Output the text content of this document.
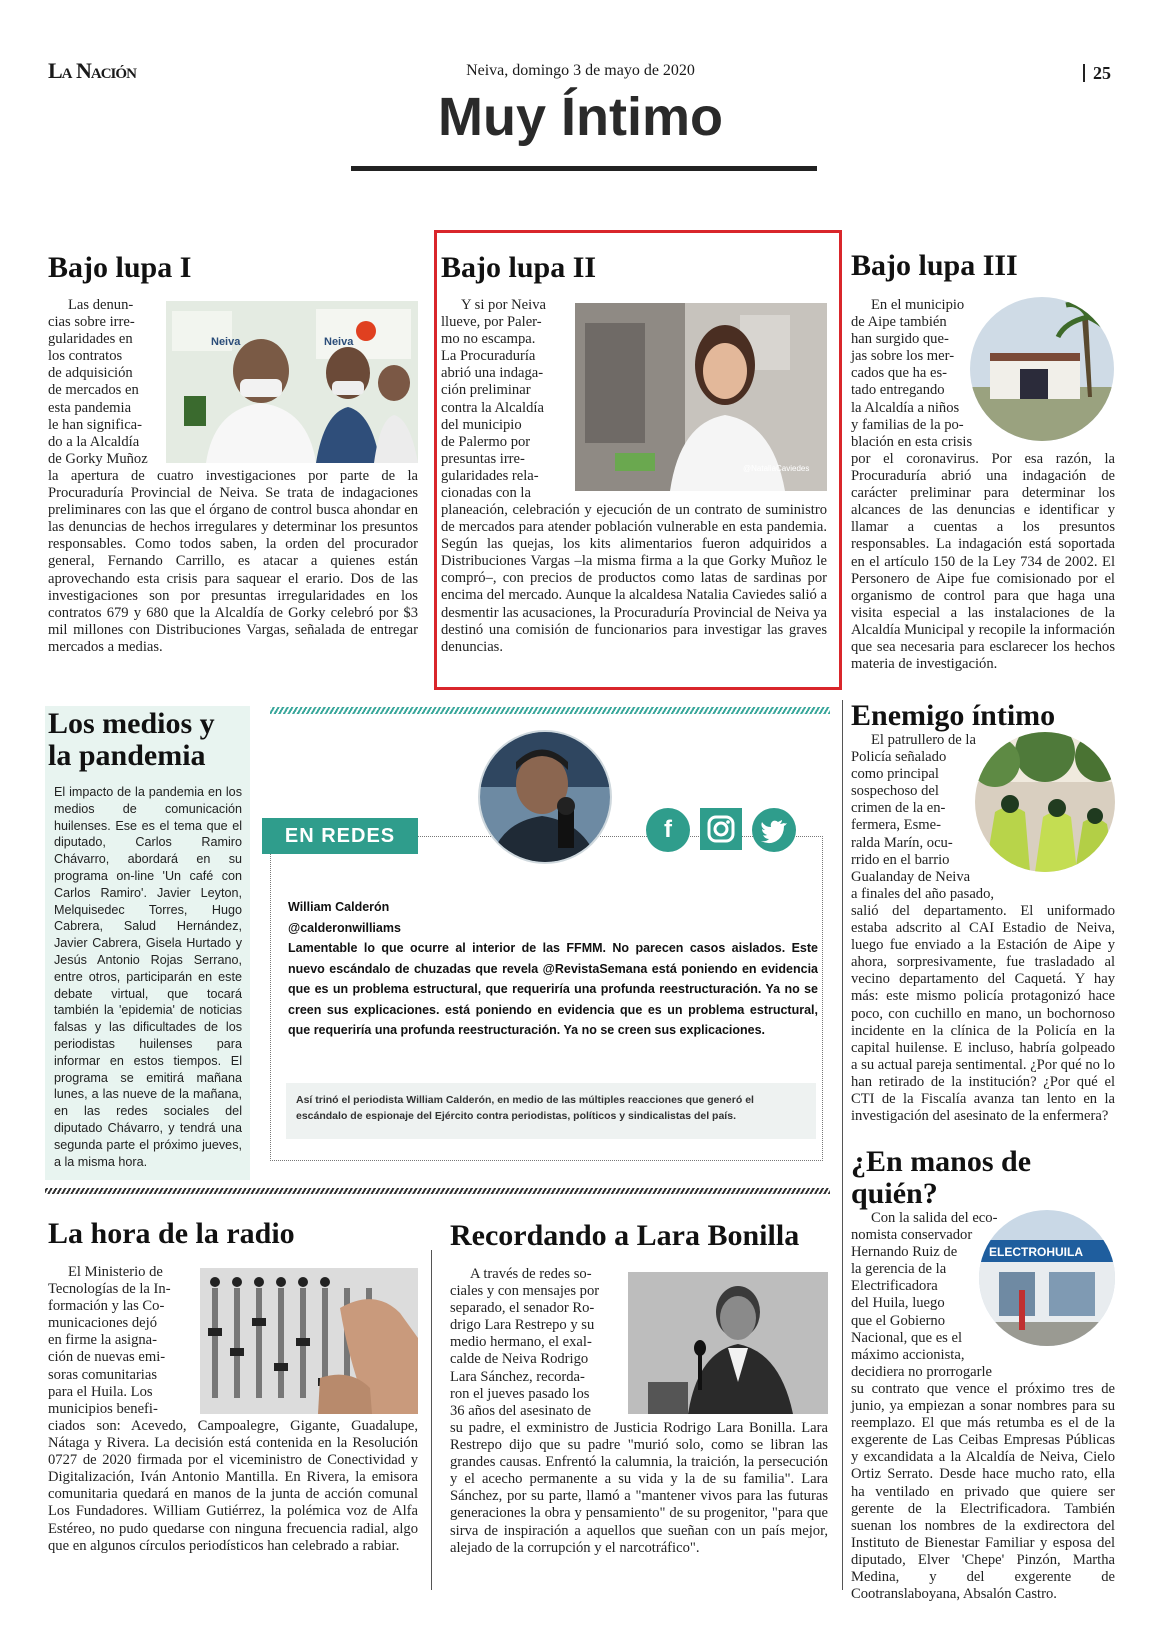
La Nación	Neiva, domingo 3 de mayo de 2020	25
Muy Íntimo
Bajo lupa I
Neiva	Neiva
Las denun-
cias sobre irre-
gularidades en
los contratos
de adquisición
de mercados en
esta pandemia
le han significa-
do a la Alcaldía
de Gorky Muñoz

la apertura de cuatro investigaciones por parte de la Procuraduría Provincial de Neiva. Se trata de indagaciones preliminares con las que el órgano de control busca ahondar en las denuncias de hechos irregulares y determinar los presuntos responsables. Como todos saben, la orden del procurador general, Fernando Carrillo, es atacar a quienes están aprovechando esta crisis para saquear el erario. Dos de las investigaciones son por presuntas irregularidades en los contratos 679 y 680 que la Alcaldía de Gorky celebró por $3 mil millones con Distribuciones Vargas, señalada de entregar mercados a medias.

Bajo lupa II
@NataliaCaviedes
Y si por Neiva
llueve, por Paler-
mo no escampa.
La Procuraduría
abrió una indaga-
ción preliminar
contra la Alcaldía
del municipio
de Palermo por
presuntas irre-
gularidades rela-
cionadas con la

planeación, celebración y ejecución de un contrato de suministro de mercados para atender población vulnerable en esta pandemia. Según las quejas, los kits alimentarios fueron adquiridos a Distribuciones Vargas –la misma firma a la que Gorky Muñoz le compró–, con precios de productos como latas de sardinas por encima del mercado. Aunque la alcaldesa Natalia Caviedes salió a desmentir las acusaciones, la Procuraduría Provincial de Neiva ya destinó una comisión de funcionarios para investigar las graves denuncias.

Bajo lupa III
En el municipio
de Aipe también
han surgido que-
jas sobre los mer-
cados que ha es-
tado entregando
la Alcaldía a niños
y familias de la po-
blación en esta crisis

por el coronavirus. Por esa razón, la Procuraduría abrió una indagación de carácter preliminar para determinar los alcances de las denuncias e identificar y llamar a cuentas a los presuntos responsables. La indagación está soportada en el artículo 150 de la Ley 734 de 2002. El Personero de Aipe fue comisionado por el organismo de control para que haga una visita especial a las instalaciones de la Alcaldía Municipal y recopile la información que sea necesaria para esclarecer los hechos materia de investigación.

Los medios y
la pandemia

El impacto de la pandemia en los medios de comunicación huilenses. Ese es el tema que el diputado, Carlos Ramiro Chávarro, abordará en su programa on-line 'Un café con Carlos Ramiro'. Javier Leyton, Melquisedec Torres, Hugo Cabrera, Salud Hernández, Javier Cabrera, Gisela Hurtado y Jesús Antonio Rojas Serrano, entre otros, participarán en este debate virtual, que tocará también la 'epidemia' de noticias falsas y las dificultades de los periodistas huilenses para informar en estos tiempos. El programa se emitirá mañana lunes, a las nueve de la mañana, en las redes sociales del diputado Chávarro, y tendrá una segunda parte el próximo jueves, a la misma hora.

EN REDES	f

William Calderón

@calderonwilliams

Lamentable lo que ocurre al interior de las FFMM. No parecen casos aislados. Este nuevo escándalo de chuzadas que revela @RevistaSemana está poniendo en evidencia que es un problema estructural, que requeriría una profunda reestructuración. Ya no se creen sus explicaciones. está poniendo en evidencia que es un problema estructural, que requeriría una profunda reestructuración. Ya no se creen sus explicaciones.

Así trinó el periodista William Calderón, en medio de las múltiples reacciones que generó el escándalo de espionaje del Ejército contra periodistas, políticos y sindicalistas del país.

Enemigo íntimo
El patrullero de la
Policía señalado
como principal
sospechoso del
crimen de la en-
fermera, Esme-
ralda Marín, ocu-
rrido en el barrio
Gualanday de Neiva
a finales del año pasado,

salió del departamento. El uniformado estaba adscrito al CAI Estadio de Neiva, luego fue enviado a la Estación de Aipe y ahora, sorpresivamente, fue trasladado al vecino departamento del Caquetá. Y hay más: este mismo policía protagonizó hace poco, con cuchillo en mano, un bochornoso incidente en la clínica de la Policía en la capital huilense. E incluso, habría golpeado a su actual pareja sentimental. ¿Por qué no lo han retirado de la institución? ¿Por qué el CTI de la Fiscalía avanza tan lento en la investigación del asesinato de la enfermera?

¿En manos de quién?
ELECTROHUILA
Con la salida del eco-
nomista conservador
Hernando Ruiz de
la gerencia de la
Electrificadora
del Huila, luego
que el Gobierno
Nacional, que es el
máximo accionista,
decidiera no prorrogarle

su contrato que vence el próximo tres de junio, ya empiezan a sonar nombres para su reemplazo. El que más retumba es el de la exgerente de Las Ceibas Empresas Públicas y excandidata a la Alcaldía de Neiva, Cielo Ortiz Serrato. Desde hace mucho rato, ella ha ventilado en privado que quiere ser gerente de la Electrificadora. También suenan los nombres de la exdirectora del Instituto de Bienestar Familiar y esposa del diputado, Elver 'Chepe' Pinzón, Martha Medina, y del exgerente de Cootranslaboyana, Absalón Castro.

La hora de la radio
El Ministerio de
Tecnologías de la In-
formación y las Co-
municaciones dejó
en firme la asigna-
ción de nuevas emi-
soras comunitarias
para el Huila. Los
municipios benefi-

ciados son: Acevedo, Campoalegre, Gigante, Guadalupe, Nátaga y Rivera. La decisión está contenida en la Resolución 0727 de 2020 firmada por el viceministro de Conectividad y Digitalización, Iván Antonio Mantilla. En Rivera, la emisora comunitaria quedará en manos de la junta de acción comunal Los Fundadores. William Gutiérrez, la polémica voz de Alfa Estéreo, no pudo quedarse con ninguna frecuencia radial, algo que en algunos círculos periodísticos han celebrado a rabiar.

Recordando a Lara Bonilla
A través de redes so-
ciales y con mensajes por
separado, el senador Ro-
drigo Lara Restrepo y su
medio hermano, el exal-
calde de Neiva Rodrigo
Lara Sánchez, recorda-
ron el jueves pasado los
36 años del asesinato de

su padre, el exministro de Justicia Rodrigo Lara Bonilla. Lara Restrepo dijo que su padre "murió solo, como se libran las grandes causas. Enfrentó la calumnia, la traición, la persecución y el acecho permanente a su vida y la de su familia". Lara Sánchez, por su parte, llamó a "mantener vivos para las futuras generaciones la obra y pensamiento" de su progenitor, "para que sirva de inspiración a aquellos que sueñan con un país mejor, alejado de la corrupción y el narcotráfico".
